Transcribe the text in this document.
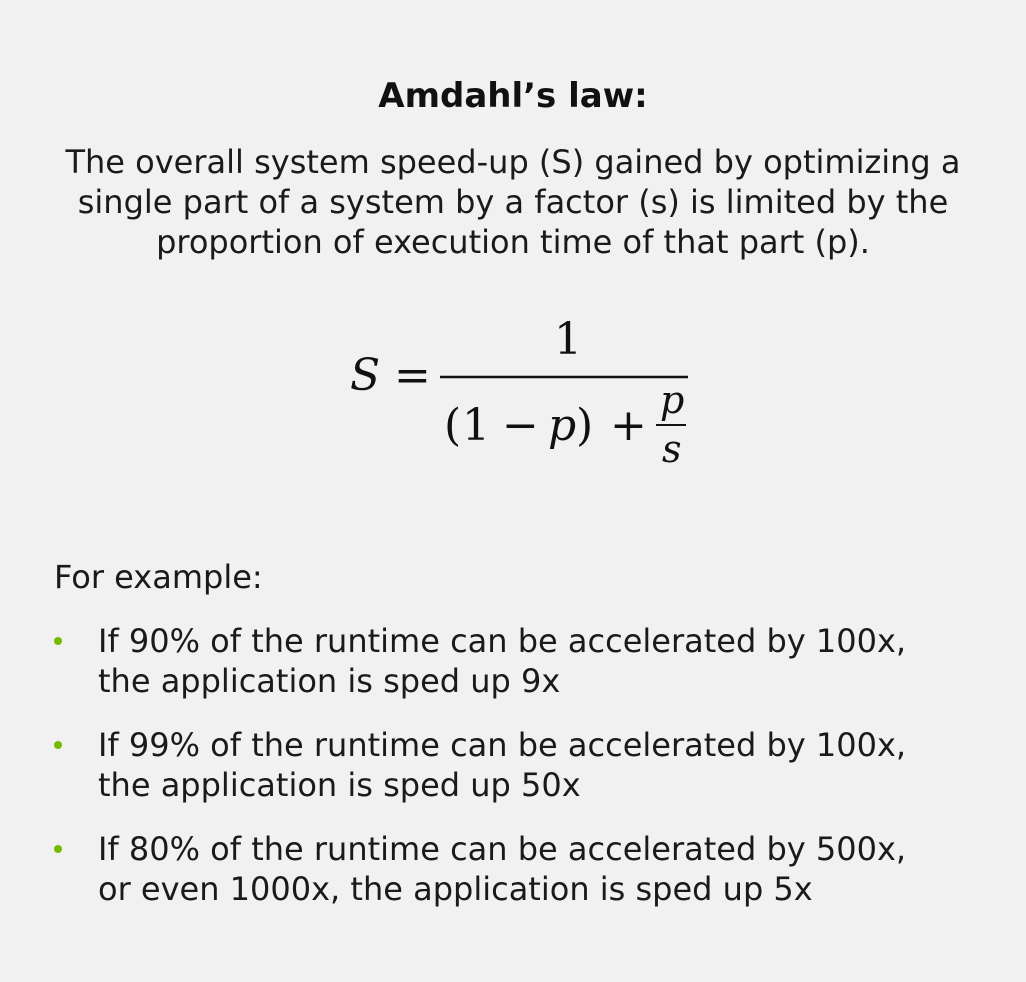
Amdahl’s law:
The overall system speed-up (S) gained by optimizing a
single part of a system by a factor (s) is limited by the
proportion of execution time of that part (p).
S =
1
( 1 − p ) + p
s
For example:
If 90% of the runtime can be accelerated by 100x,
the application is sped up 9x
If 99% of the runtime can be accelerated by 100x,
the application is sped up 50x
If 80% of the runtime can be accelerated by 500x,
or even 1000x, the application is sped up 5x
